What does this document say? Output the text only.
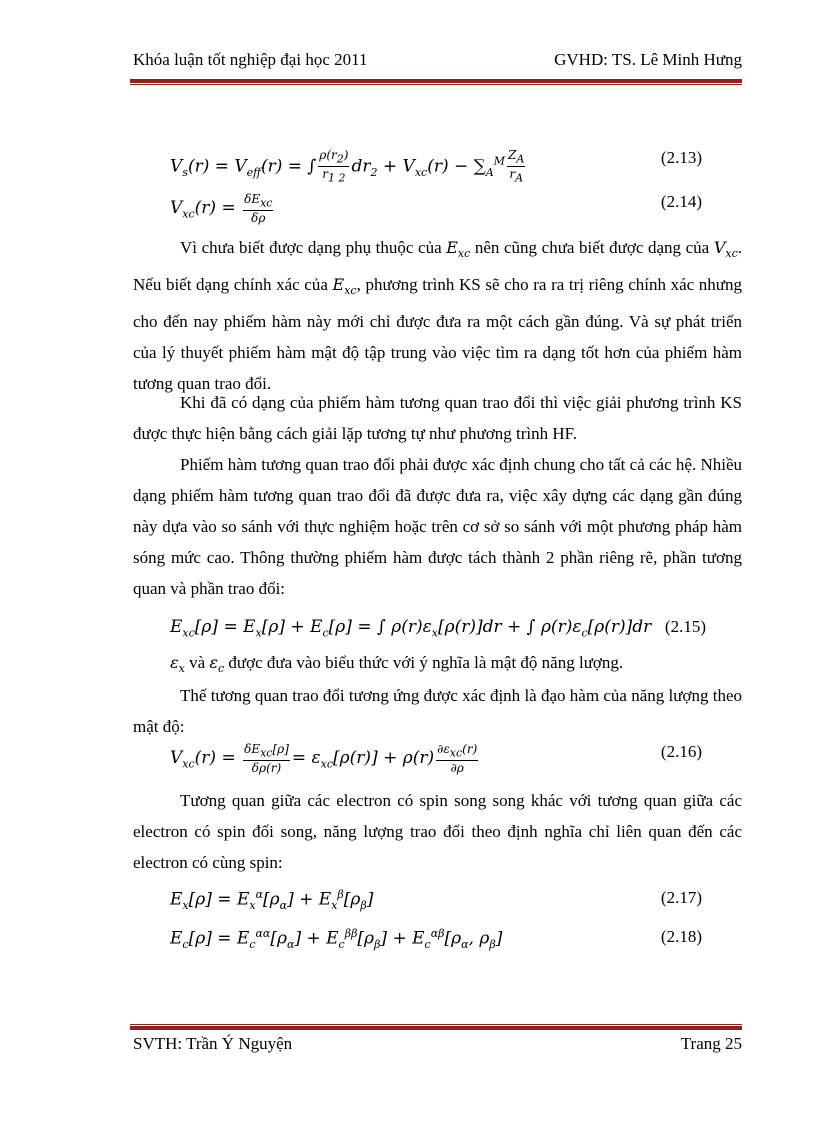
Khóa luận tốt nghiệp đại học 2011	GVHD: TS. Lê Minh Hưng
$V_s(r) = V_{eff}(r)$ = ∫ $\frac{\rho(r_2)}{r_{1 2}} dr_2 + V_{xc}(r) - \sum_A^M \frac{Z_A}{r_A}$	(2.13)
$V_{xc}(r) = \frac{\delta E_{xc}}{\delta\rho}$	(2.14)
Vì chưa biết được dạng phụ thuộc của $E_{xc}$ nên cũng chưa biết được dạng của $V_{xc}$. Nếu biết dạng chính xác của $E_{xc}$, phương trình KS sẽ cho ra ra trị riêng chính xác nhưng cho đến nay phiếm hàm này mới chỉ được đưa ra một cách gần đúng. Và sự phát triển của lý thuyết phiếm hàm mật độ tập trung vào việc tìm ra dạng tốt hơn của phiếm hàm tương quan trao đổi.
Khi đã có dạng của phiếm hàm tương quan trao đổi thì việc giải phương trình KS được thực hiện bằng cách giải lặp tương tự như phương trình HF.
Phiếm hàm tương quan trao đổi phải được xác định chung cho tất cả các hệ. Nhiều dạng phiếm hàm tương quan trao đổi đã được đưa ra, việc xây dựng các dạng gần đúng này dựa vào so sánh với thực nghiệm hoặc trên cơ sở so sánh với một phương pháp hàm sóng mức cao. Thông thường phiếm hàm được tách thành 2 phần riêng rẽ, phần tương quan và phần trao đổi:
$E_{xc}[\rho] = E_x[\rho] + E_c[\rho]$ = ∫ $\rho(r)\varepsilon_x[\rho(r)]dr$ + ∫ $\rho(r)\varepsilon_c[\rho(r)]dr$ (2.15)
$\varepsilon_x$ và $\varepsilon_c$ được đưa vào biểu thức với ý nghĩa là mật độ năng lượng.
Thế tương quan trao đổi tương ứng được xác định là đạo hàm của năng lượng theo mật độ:
$V_{xc}(r) = \frac{\delta E_{xc}[\rho]}{\delta\rho(r)} = \varepsilon_{xc}[\rho(r)] + \rho(r) \frac{\partial\varepsilon_{xc}(r)}{\partial\rho}$	(2.16)
Tương quan giữa các electron có spin song song khác với tương quan giữa các electron có spin đối song, năng lượng trao đổi theo định nghĩa chỉ liên quan đến các electron có cùng spin:
$E_x[\rho] = E_x^\alpha[\rho_\alpha] + E_x^\beta[\rho_\beta]$	(2.17)
$E_c[\rho] = E_c^{\alpha\alpha}[\rho_\alpha] + E_c^{\beta\beta}[\rho_\beta] + E_c^{\alpha\beta}[\rho_\alpha$, $\rho_\beta$]	(2.18)
SVTH: Trần Ý Nguyện	Trang 25
